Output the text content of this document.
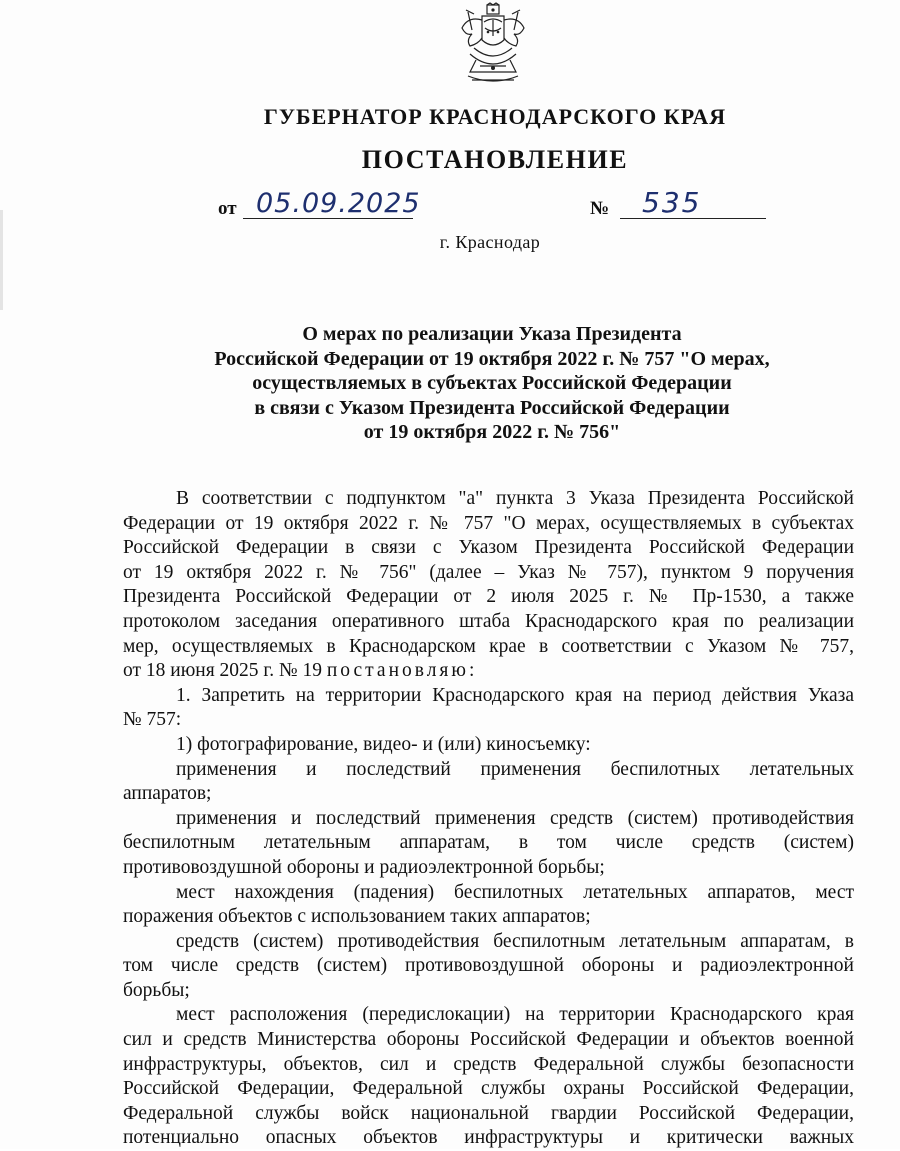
ГУБЕРНАТОР КРАСНОДАРСКОГО КРАЯ
ПОСТАНОВЛЕНИЕ
от 05.09.2025	№ 535
г. Краснодар
О мерах по реализации Указа Президента
Российской Федерации от 19 октября 2022 г. № 757 "О мерах,
осуществляемых в субъектах Российской Федерации
в связи с Указом Президента Российской Федерации
от 19 октября 2022 г. № 756"
В соответствии с подпунктом "а" пункта 3 Указа Президента Российской
Федерации от 19 октября 2022 г. № 757 "О мерах, осуществляемых в субъектах
Российской Федерации в связи с Указом Президента Российской Федерации
от 19 октября 2022 г. № 756" (далее – Указ № 757), пунктом 9 поручения
Президента Российской Федерации от 2 июля 2025 г. № Пр-1530, а также
протоколом заседания оперативного штаба Краснодарского края по реализации
мер, осуществляемых в Краснодарском крае в соответствии с Указом № 757,
от 18 июня 2025 г. № 19 постановляю:
1. Запретить на территории Краснодарского края на период действия Указа
№ 757:
1) фотографирование, видео- и (или) киносъемку:
применения и последствий применения беспилотных летательных
аппаратов;
применения и последствий применения средств (систем) противодействия
беспилотным летательным аппаратам, в том числе средств (систем)
противовоздушной обороны и радиоэлектронной борьбы;
мест нахождения (падения) беспилотных летательных аппаратов, мест
поражения объектов с использованием таких аппаратов;
средств (систем) противодействия беспилотным летательным аппаратам, в
том числе средств (систем) противовоздушной обороны и радиоэлектронной
борьбы;
мест расположения (передислокации) на территории Краснодарского края
сил и средств Министерства обороны Российской Федерации и объектов военной
инфраструктуры, объектов, сил и средств Федеральной службы безопасности
Российской Федерации, Федеральной службы охраны Российской Федерации,
Федеральной службы войск национальной гвардии Российской Федерации,
потенциально опасных объектов инфраструктуры и критически важных
